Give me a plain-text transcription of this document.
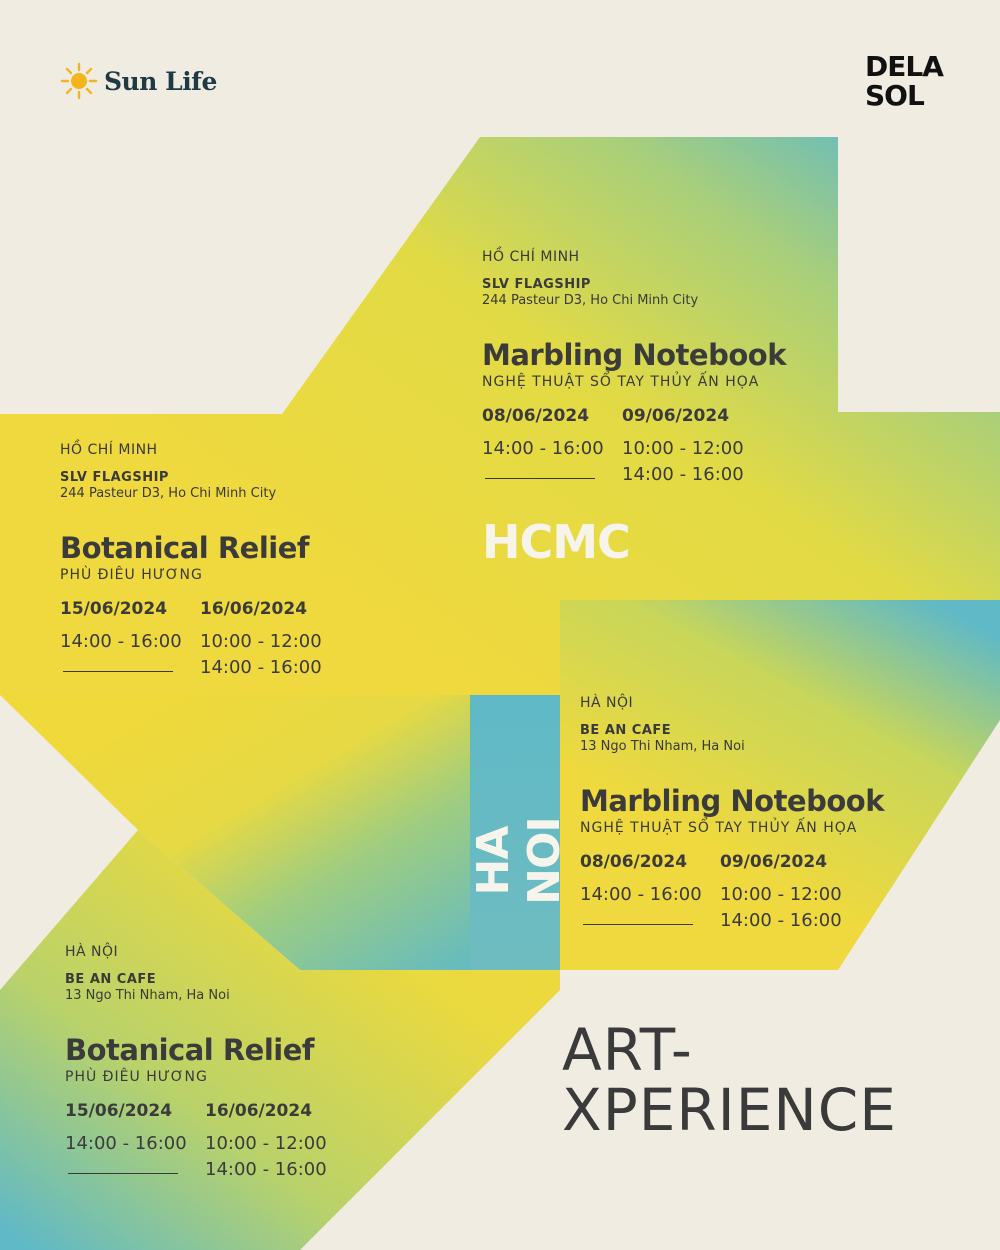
Sun Life	DELA
SOL
HỒ CHÍ MINH
SLV FLAGSHIP
244 Pasteur D3, Ho Chi Minh City
Marbling Notebook
NGHỆ THUẬT SỔ TAY THỦY ẤN HỌA
08/06/2024
14:00 - 16:00
09/06/2024
10:00 - 12:00
14:00 - 16:00
HCMC
HỒ CHÍ MINH
SLV FLAGSHIP
244 Pasteur D3, Ho Chi Minh City
Botanical Relief
PHÙ ĐIÊU HƯƠNG
15/06/2024
14:00 - 16:00
16/06/2024
10:00 - 12:00
14:00 - 16:00
HA NOI
HÀ NỘI
BE AN CAFE
13 Ngo Thi Nham, Ha Noi
Marbling Notebook
NGHỆ THUẬT SỔ TAY THỦY ẤN HỌA
08/06/2024
14:00 - 16:00
09/06/2024
10:00 - 12:00
14:00 - 16:00
HÀ NỘI
BE AN CAFE
13 Ngo Thi Nham, Ha Noi
Botanical Relief
PHÙ ĐIÊU HƯƠNG
15/06/2024
14:00 - 16:00
16/06/2024
10:00 - 12:00
14:00 - 16:00
ART-
XPERIENCE
